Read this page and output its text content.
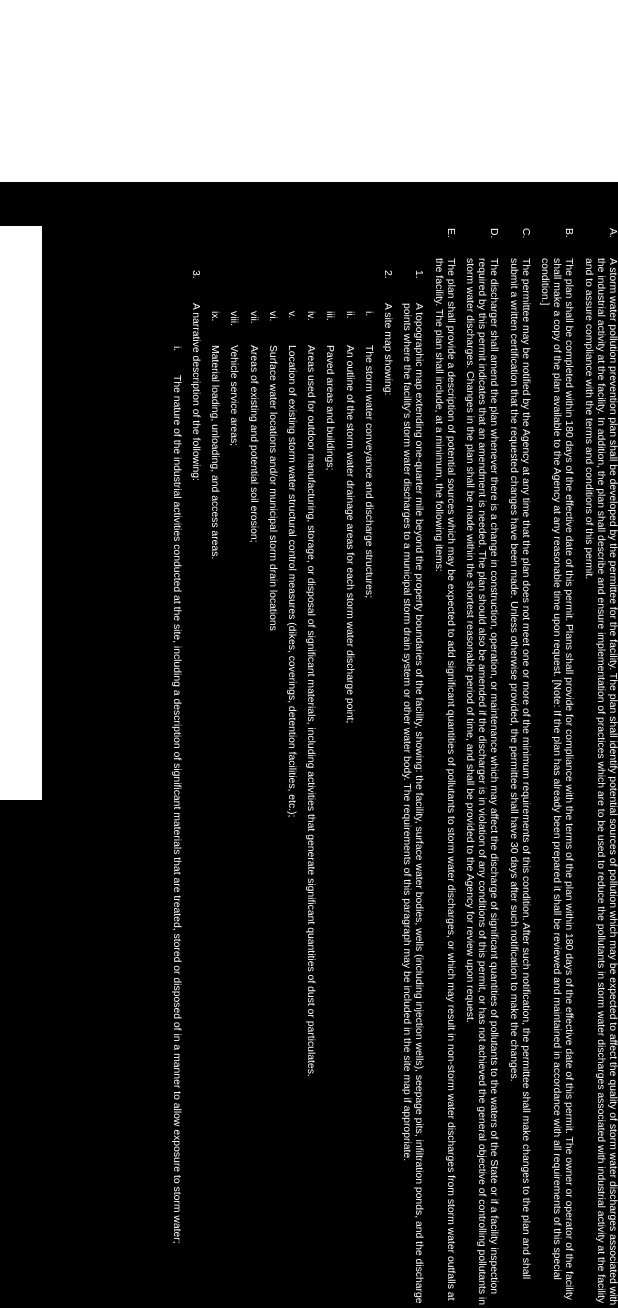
A.

A storm water pollution prevention plan shall be developed by the permittee for the facility. The plan shall identify potential sources of pollution which may be expected to affect the quality of storm water discharges associated with the industrial activity at the facility. In addition, the plan shall describe and ensure implementation of practices which are to be used to reduce the pollutants in storm water discharges associated with industrial activity at the facility and to assure compliance with the terms and conditions of this permit.

B.

The plan shall be completed within 180 days of the effective date of this permit. Plans shall provide for compliance with the terms of the plan within 180 days of the effective date of this permit. The owner or operator of the facility shall make a copy of the plan available to the Agency at any reasonable time upon request. [Note: If the plan has already been prepared it shall be reviewed and maintained in accordance with all requirements of this special condition.]

C.

The permittee may be notified by the Agency at any time that the plan does not meet one or more of the minimum requirements of this condition. After such notification, the permittee shall make changes to the plan and shall submit a written certification that the requested changes have been made. Unless otherwise provided, the permittee shall have 30 days after such notification to make the changes.

D.

The discharger shall amend the plan whenever there is a change in construction, operation, or maintenance which may affect the discharge of significant quantities of pollutants to the waters of the State or if a facility inspection required by this permit indicates that an amendment is needed. The plan should also be amended if the discharger is in violation of any conditions of this permit, or has not achieved the general objective of controlling pollutants in storm water discharges. Changes in the plan shall be made within the shortest reasonable period of time, and shall be provided to the Agency for review upon request.

E.

The plan shall provide a description of potential sources which may be expected to add significant quantities of pollutants to storm water discharges, or which may result in non-storm water discharges from storm water outfalls at the facility. The plan shall include, at a minimum, the following items:

1.

A topographic map extending one-quarter mile beyond the property boundaries of the facility, showing: the facility, surface water bodies, wells (including injection wells), seepage pits, infiltration ponds, and the discharge points where the facility's storm water discharges to a municipal storm drain system or other water body. The requirements of this paragraph may be included in the site map if appropriate.

2.

A site map showing:

i.

The storm water conveyance and discharge structures;

ii.

An outline of the storm water drainage areas for each storm water discharge point;

iii.

Paved areas and buildings;

iv.

Areas used for outdoor manufacturing, storage, or disposal of significant materials, including activities that generate significant quantities of dust or particulates.

v.

Location of existing storm water structural control measures (dikes, coverings, detention facilities, etc.);

vi.

Surface water locations and/or municipal storm drain locations

vii.

Areas of existing and potential soil erosion;

viii.

Vehicle service areas;

ix.

Material loading, unloading, and access areas.

3.

A narrative description of the following:

i.

The nature of the industrial activities conducted at the site, including a description of significant materials that are treated, stored or disposed of in a manner to allow exposure to storm water;
